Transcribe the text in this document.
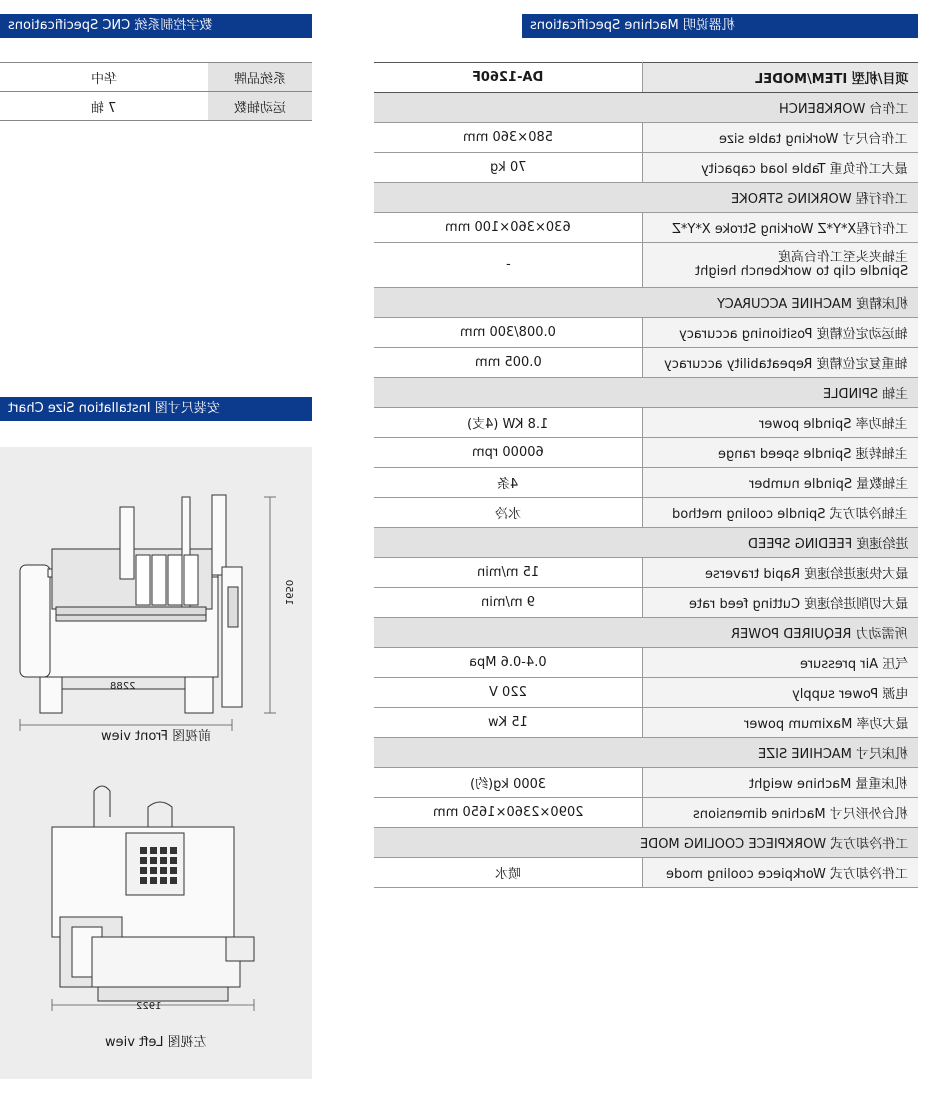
数字控制系统 CNC Specifications	机器说明 Machine Specifications
华中	系统品牌
7 轴	运动轴数
安装尺寸图 Installation Size Chart
2288
1650
前视图 Front view
1922
左视图 Left view
DA-1260F	项目/机型 ITEM/MODEL
工作台 WORKBENCH	
580×360 mm	工作台尺寸 Working table size
70 kg	最大工作负重 Table load capacity
工作行程 WORKING STROKE	
630×360×100 mm	工作行程X*Y*Z Working Stroke X*Y*Z
-	主轴夹头至工作台高度
Spindle clip to workbench height
机床精度 MACHINE ACCURACY	
0.008/300 mm	轴运动定位精度 Positioning accuracy
0.005 mm	轴重复定位精度 Repeatability accuracy
主轴 SPINDLE	
1.8 KW (4支)	主轴功率 Spindle power
60000 rpm	主轴转速 Spindle speed range
4条	主轴数量 Spindle number
水冷	主轴冷却方式 Spindle cooling method
进给速度 FEEDING SPEED	
15 m/min	最大快速进给速度 Rapid traverse
9 m/min	最大切削进给速度 Cutting feed rate
所需动力 REQUIRED POWER	
0.4-0.6 Mpa	气压 Air pressure
220 V	电源 Power supply
15 Kw	最大功率 Maximum power
机床尺寸 MACHINE SIZE	
3000 kg(约)	机床重量 Machine weight
2090×2360×1650 mm	机台外形尺寸 Machine dimensions
工件冷却方式 WORKPIECE COOLING MODE	
喷水	工件冷却方式 Workpiece cooling mode
